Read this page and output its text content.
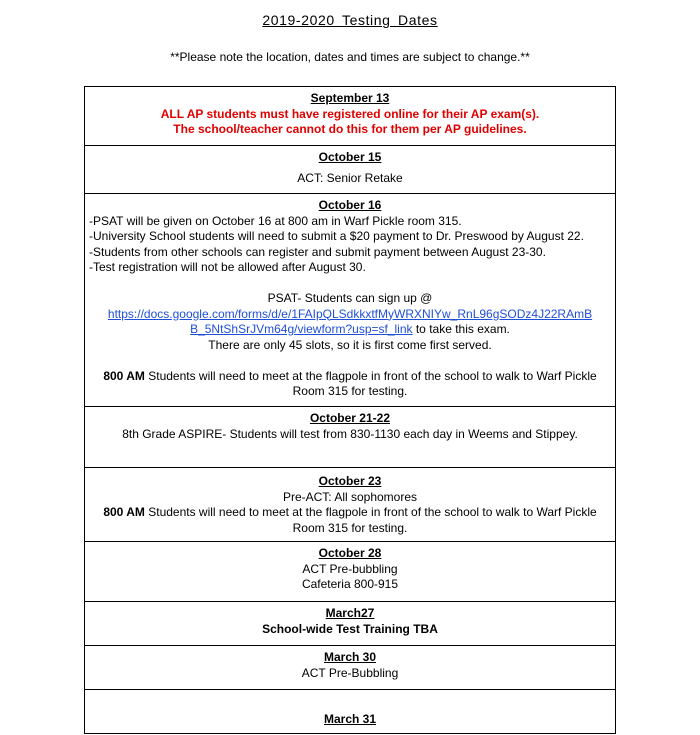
2019-2020 Testing Dates
**Please note the location, dates and times are subject to change.**
September 13
ALL AP students must have registered online for their AP exam(s).
The school/teacher cannot do this for them per AP guidelines.
October 15
ACT: Senior Retake
October 16
-PSAT will be given on October 16 at 800 am in Warf Pickle room 315.
-University School students will need to submit a $20 payment to Dr. Preswood by August 22.
-Students from other schools can register and submit payment between August 23-30.
-Test registration will not be allowed after August 30.
PSAT- Students can sign up @
https://docs.google.com/forms/d/e/1FAIpQLSdkkxtfMyWRXNIYw_RnL96gSODz4J22RAmB
B_5NtShSrJVm64g/viewform?usp=sf_link to take this exam.
There are only 45 slots, so it is first come first served.
800 AM Students will need to meet at the flagpole in front of the school to walk to Warf Pickle Room 315 for testing.
October 21-22
8th Grade ASPIRE- Students will test from 830-1130 each day in Weems and Stippey.
October 23
Pre-ACT: All sophomores
800 AM Students will need to meet at the flagpole in front of the school to walk to Warf Pickle Room 315 for testing.
October 28
ACT Pre-bubbling
Cafeteria 800-915
March27
School-wide Test Training TBA
March 30
ACT Pre-Bubbling
March 31
